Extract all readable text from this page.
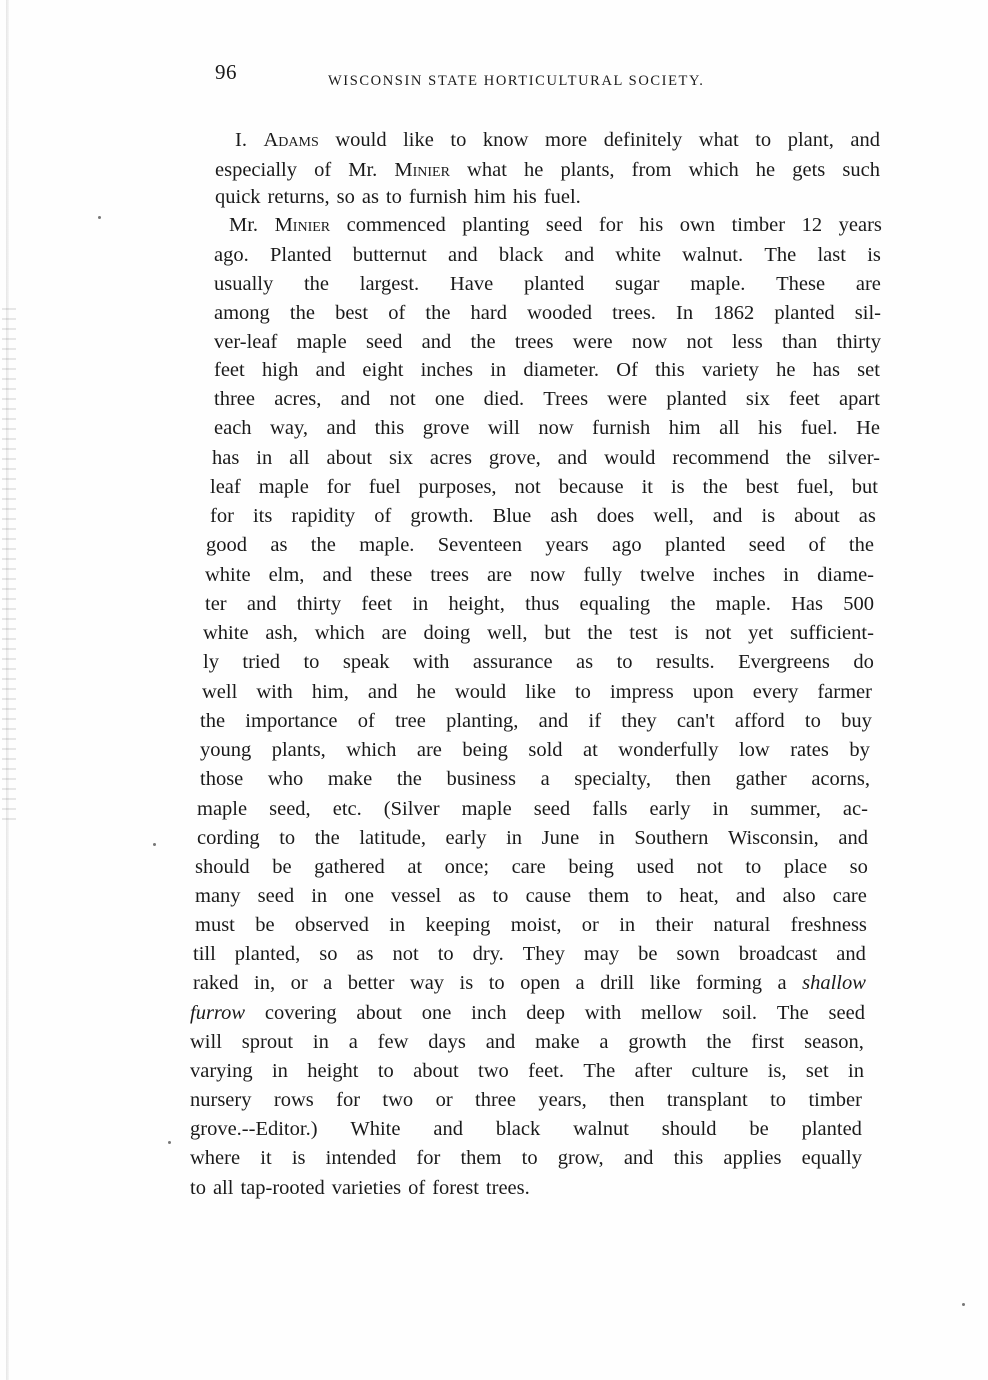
96	WISCONSIN STATE HORTICULTURAL SOCIETY.
I. Adams would like to know more definitely what to plant, and
especially of Mr. Minier what he plants, from which he gets such
quick returns, so as to furnish him his fuel.
Mr. Minier commenced planting seed for his own timber 12 years
ago. Planted butternut and black and white walnut. The last is
usually the largest. Have planted sugar maple. These are
among the best of the hard wooded trees. In 1862 planted sil-
ver-leaf maple seed and the trees were now not less than thirty
feet high and eight inches in diameter. Of this variety he has set
three acres, and not one died. Trees were planted six feet apart
each way, and this grove will now furnish him all his fuel. He
has in all about six acres grove, and would recommend the silver-
leaf maple for fuel purposes, not because it is the best fuel, but
for its rapidity of growth. Blue ash does well, and is about as
good as the maple. Seventeen years ago planted seed of the
white elm, and these trees are now fully twelve inches in diame-
ter and thirty feet in height, thus equaling the maple. Has 500
white ash, which are doing well, but the test is not yet sufficient-
ly tried to speak with assurance as to results. Evergreens do
well with him, and he would like to impress upon every farmer
the importance of tree planting, and if they can't afford to buy
young plants, which are being sold at wonderfully low rates by
those who make the business a specialty, then gather acorns,
maple seed, etc. (Silver maple seed falls early in summer, ac-
cording to the latitude, early in June in Southern Wisconsin, and
should be gathered at once; care being used not to place so
many seed in one vessel as to cause them to heat, and also care
must be observed in keeping moist, or in their natural freshness
till planted, so as not to dry. They may be sown broadcast and
raked in, or a better way is to open a drill like forming a shallow
furrow covering about one inch deep with mellow soil. The seed
will sprout in a few days and make a growth the first season,
varying in height to about two feet. The after culture is, set in
nursery rows for two or three years, then transplant to timber
grove.--Editor.) White and black walnut should be planted
where it is intended for them to grow, and this applies equally
to all tap-rooted varieties of forest trees.
